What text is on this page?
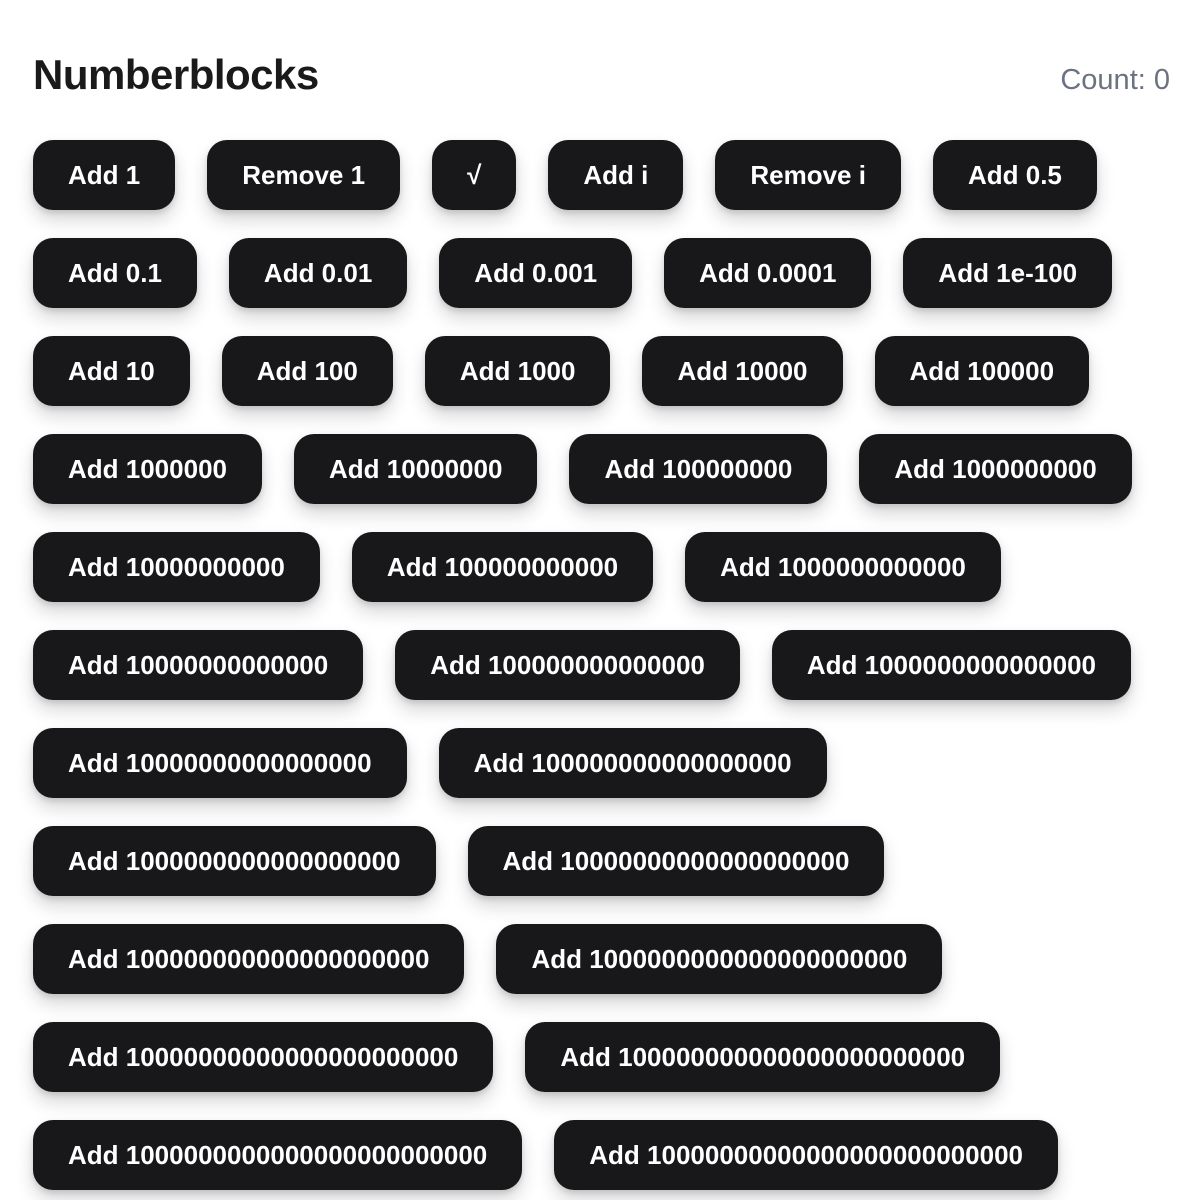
Numberblocks	Count: 0
Add 1	Remove 1	√	Add i	Remove i	Add 0.5
Add 0.1	Add 0.01	Add 0.001	Add 0.0001	Add 1e-100
Add 10	Add 100	Add 1000	Add 10000	Add 100000
Add 1000000	Add 10000000	Add 100000000	Add 1000000000
Add 10000000000	Add 100000000000	Add 1000000000000
Add 10000000000000	Add 100000000000000	Add 1000000000000000
Add 10000000000000000	Add 100000000000000000
Add 1000000000000000000	Add 10000000000000000000
Add 100000000000000000000	Add 1000000000000000000000
Add 10000000000000000000000	Add 100000000000000000000000
Add 1000000000000000000000000	Add 10000000000000000000000000
